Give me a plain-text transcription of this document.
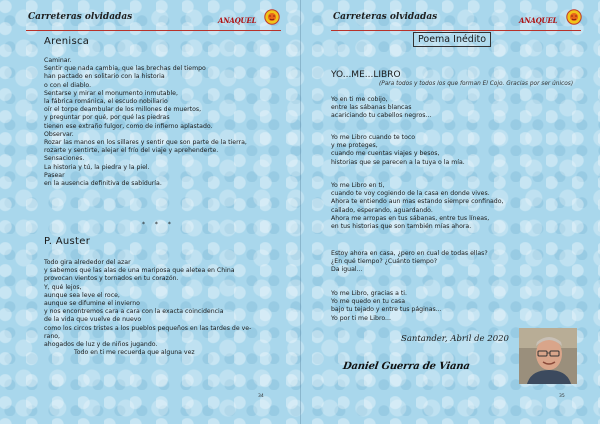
Carreteras olvidadas	ANAQUEL
Arenisca
Caminar.
Sentir que nada cambia, que las brechas del tiempo
han pactado en solitario con la historia
o con el diablo.
Sentarse y mirar el monumento inmutable,
la fábrica románica, el escudo nobiliario
oír el torpe deambular de los millones de muertos,
y preguntar por qué, por qué las piedras
tienen ese extraño fulgor, como de infierno aplastado.
Observar.
Rozar las manos en los sillares y sentir que son parte de la tierra,
rozarte y sentirte, alejar el frío del viaje y aprehenderte.
Sensaciones.
La historia y tú, la piedra y la piel.
Pasear
en la ausencia definitiva de sabiduría.
* * *
P. Auster
Todo gira alrededor del azar
y sabemos que las alas de una mariposa que aletea en China
provocan vientos y tornados en tu corazón.
Y, qué lejos,
aunque sea leve el roce,
aunque se difumine el invierno
y nos encontremos cara a cara con la exacta coincidencia
de la vida que vuelve de nuevo
como los circos tristes a los pueblos pequeños en las tardes de ve-
rano,
ahogados de luz y de niños jugando.
Todo en ti me recuerda que alguna vez
34
Carreteras olvidadas	ANAQUEL
Poema Inédito
YO...ME...LIBRO
(Para todos y todos los que forman El Cojo. Gracias por ser únicos)
Yo en ti me cobijo,
entre las sábanas blancas
acariciando tu cabellos negros...
Yo me Libro cuando te toco
y me proteges,
cuando me cuentas viajes y besos,
historias que se parecen a la tuya o la mía.
Yo me Libro en ti,
cuando te voy cogiendo de la casa en donde vives.
Ahora te entiendo aun mas estando siempre confinado,
callado, esperando, aguardando.
Ahora me arropas en tus sábanas, entre tus líneas,
en tus historias que son también mías ahora.
Estoy ahora en casa, ¿pero en cual de todas ellas?
¿En qué tiempo? ¿Cuánto tiempo?
Da igual...
Yo me Libro, gracias a ti.
Yo me quedo en tu casa
bajo tu tejado y entre tus páginas...
Yo por ti me Libro...
Santander, Abril de 2020
Daniel Guerra de Viana
35
